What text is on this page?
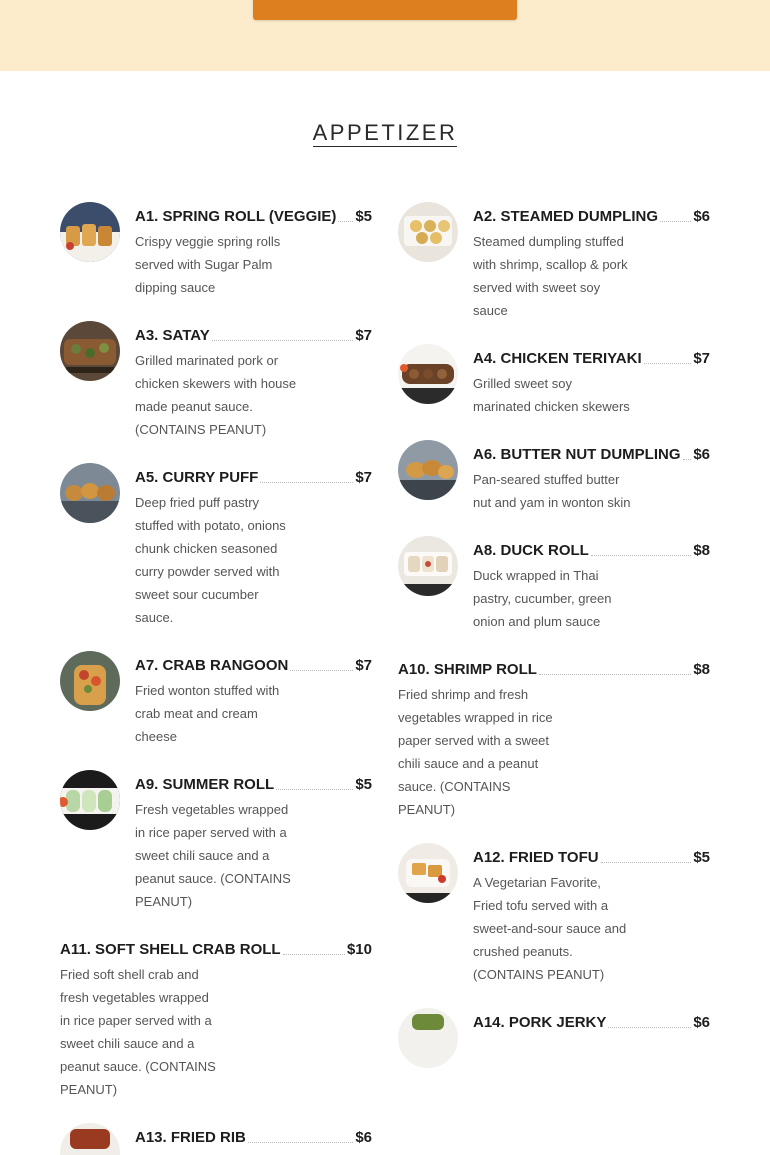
APPETIZER
A1. SPRING ROLL (VEGGIE) $5
Crispy veggie spring rolls
served with Sugar Palm
dipping sauce
A3. SATAY	$7
Grilled marinated pork or
chicken skewers with house
made peanut sauce.
(CONTAINS PEANUT)
A5. CURRY PUFF	$7
Deep fried puff pastry
stuffed with potato, onions
chunk chicken seasoned
curry powder served with
sweet sour cucumber
sauce.
A7. CRAB RANGOON	$7
Fried wonton stuffed with
crab meat and cream
cheese
A9. SUMMER ROLL	$5
Fresh vegetables wrapped
in rice paper served with a
sweet chili sauce and a
peanut sauce. (CONTAINS
PEANUT)
A11. SOFT SHELL CRAB ROLL	$10
Fried soft shell crab and
fresh vegetables wrapped
in rice paper served with a
sweet chili sauce and a
peanut sauce. (CONTAINS
PEANUT)
A13. FRIED RIB	$6
A2. STEAMED DUMPLING $6
Steamed dumpling stuffed
with shrimp, scallop & pork
served with sweet soy
sauce
A4. CHICKEN TERIYAKI	$7
Grilled sweet soy
marinated chicken skewers
A6. BUTTER NUT DUMPLING $6
Pan-seared stuffed butter
nut and yam in wonton skin
A8. DUCK ROLL	$8
Duck wrapped in Thai
pastry, cucumber, green
onion and plum sauce
A10. SHRIMP ROLL	$8
Fried shrimp and fresh
vegetables wrapped in rice
paper served with a sweet
chili sauce and a peanut
sauce. (CONTAINS
PEANUT)
A12. FRIED TOFU	$5
A Vegetarian Favorite,
Fried tofu served with a
sweet-and-sour sauce and
crushed peanuts.
(CONTAINS PEANUT)
A14. PORK JERKY	$6
